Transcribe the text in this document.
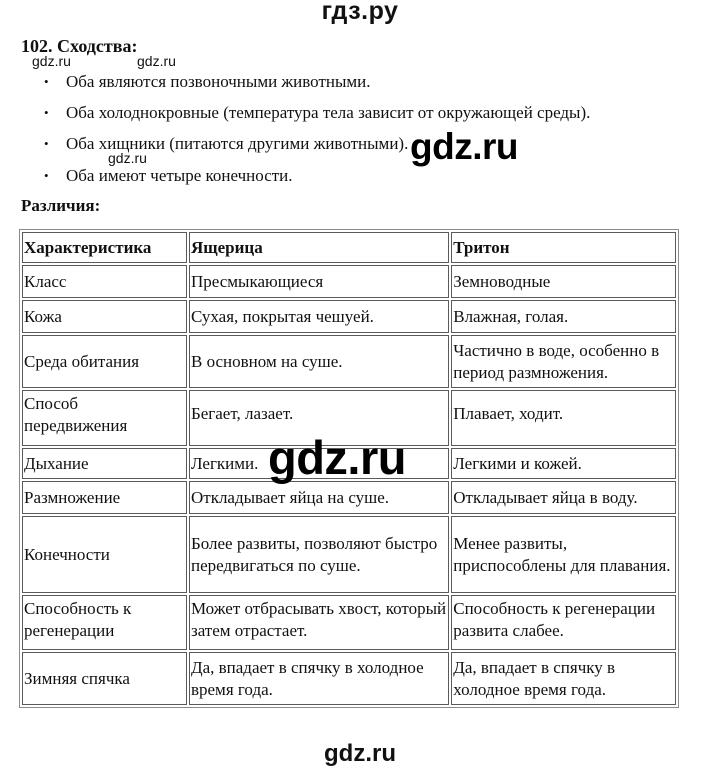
гдз.ру
102. Сходства:
gdz.ru	gdz.ru
• Оба являются позвоночными животными.
• Оба холоднокровные (температура тела зависит от окружающей среды).
• Оба хищники (питаются другими животными).
• Оба имеют четыре конечности.
gdz.ru	gdz.ru
Различия:
Характеристика	Ящерица	Тритон
Класс	Пресмыкающиеся	Земноводные
Кожа	Сухая, покрытая чешуей.	Влажная, голая.
Среда обитания	В основном на суше.	Частично в воде, особенно в период размножения.
Способ передвижения	Бегает, лазает.	Плавает, ходит.
Дыхание	Легкими.	Легкими и кожей.
Размножение	Откладывает яйца на суше.	Откладывает яйца в воду.
Конечности	Более развиты, позволяют быстро передвигаться по суше.	Менее развиты, приспособлены для плавания.
Способность к регенерации	Может отбрасывать хвост, который затем отрастает.	Способность к регенерации развита слабее.
Зимняя спячка	Да, впадает в спячку в холодное время года.	Да, впадает в спячку в холодное время года.
gdz.ru
gdz.ru
